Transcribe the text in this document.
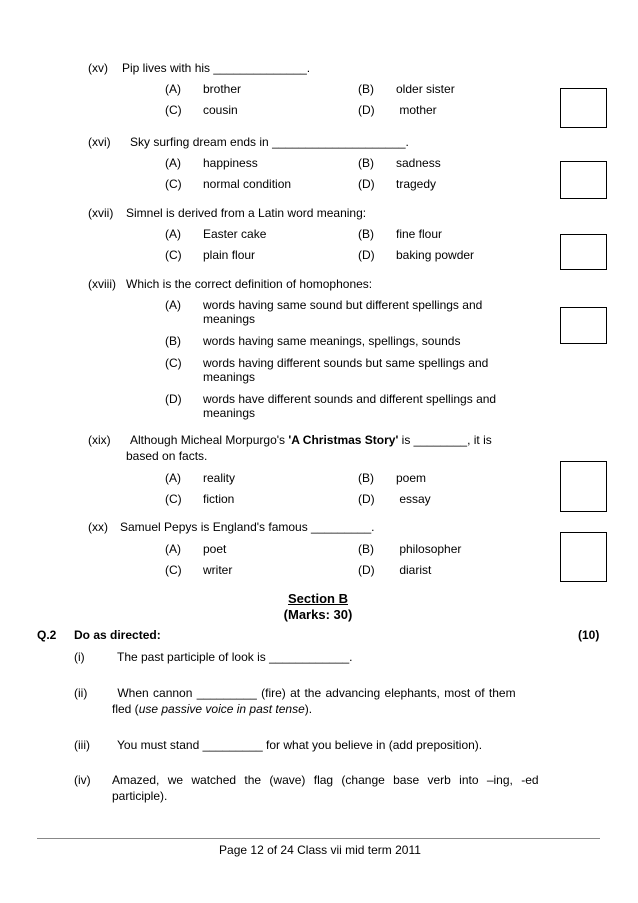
(xv) Pip lives with his ______________.
(A) brother	(B) older sister
(C) cousin	(D) mother
(xvi) Sky surfing dream ends in ____________________.
(A) happiness	(B) sadness
(C) normal condition	(D) tragedy
(xvii) Simnel is derived from a Latin word meaning:
(A) Easter cake	(B) fine flour
(C) plain flour	(D) baking powder
(xviii) Which is the correct definition of homophones:
(A) words having same sound but different spellings and meanings
(B) words having same meanings, spellings, sounds
(C) words having different sounds but same spellings and meanings
(D) words have different sounds and different spellings and meanings
(xix) Although Micheal Morpurgo's 'A Christmas Story' is ________, it is
based on facts.
(A) reality	(B) poem
(C) fiction	(D) essay
(xx) Samuel Pepys is England's famous _________.
(A) poet	(B) philosopher
(C) writer	(D) diarist
Section B
(Marks: 30)
Q.2 Do as directed:	(10)
(i)	The past participle of look is ____________.
(ii) When cannon _________ (fire) at the advancing elephants, most of them
fled (use passive voice in past tense).
(iii) You must stand _________ for what you believe in (add preposition).
(iv) Amazed, we watched the (wave) flag (change base verb into –ing, -ed
participle).
Page 12 of 24 Class vii mid term 2011
